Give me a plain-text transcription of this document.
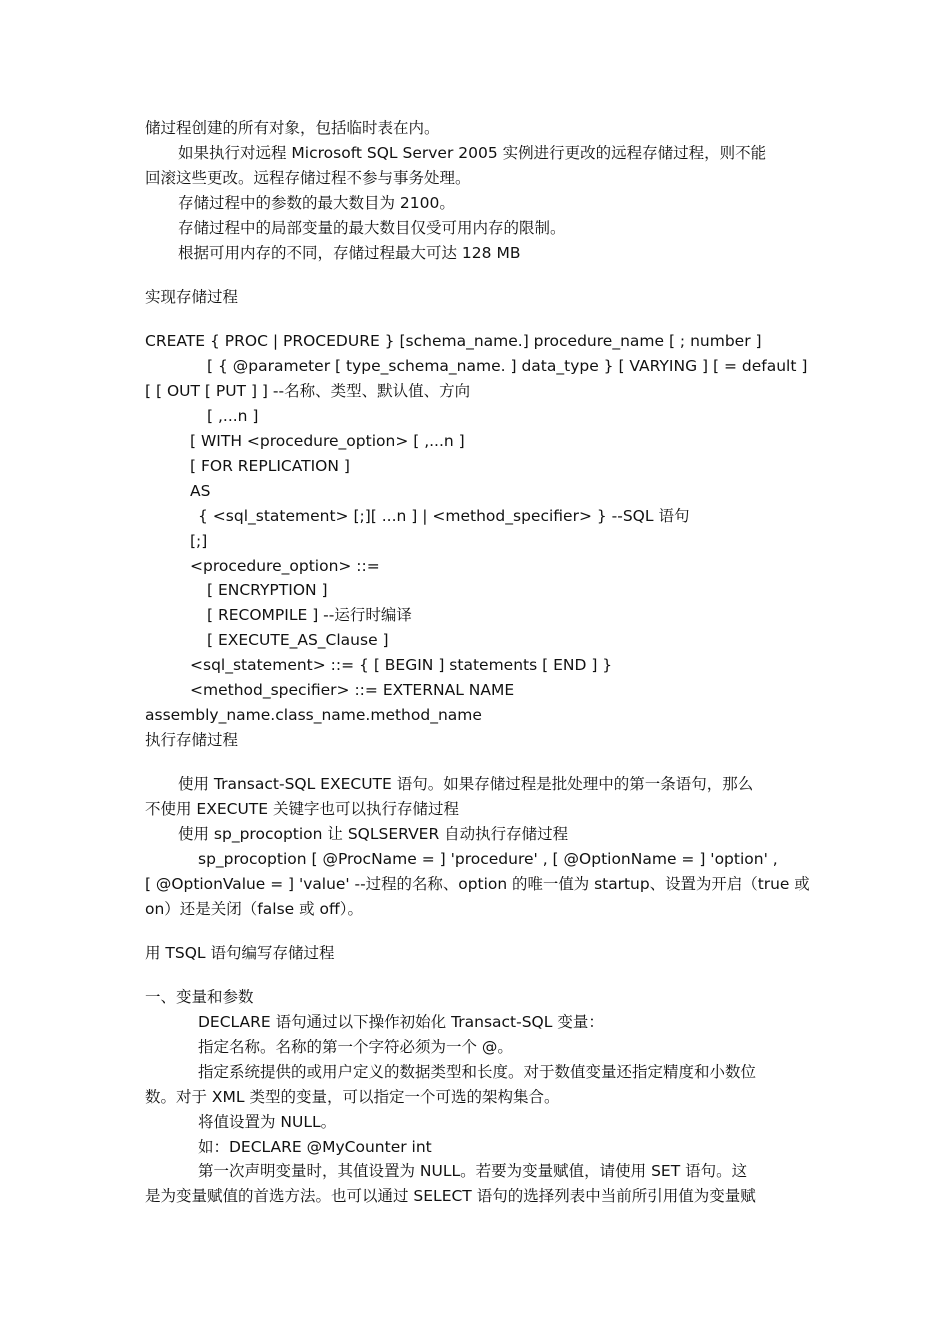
储过程创建的所有对象，包括临时表在内。
如果执行对远程 Microsoft SQL Server 2005 实例进行更改的远程存储过程，则不能
回滚这些更改。远程存储过程不参与事务处理。
存储过程中的参数的最大数目为 2100。
存储过程中的局部变量的最大数目仅受可用内存的限制。
根据可用内存的不同，存储过程最大可达 128 MB
实现存储过程
CREATE { PROC | PROCEDURE } [schema_name.] procedure_name [ ; number ]
[ { @parameter [ type_schema_name. ] data_type } [ VARYING ] [ = default ]
[ [ OUT [ PUT ] ] --名称、类型、默认值、方向
[ ,...n ]
[ WITH <procedure_option> [ ,...n ]
[ FOR REPLICATION ]
AS
{ <sql_statement> [;][ ...n ] | <method_specifier> } --SQL 语句
[;]
<procedure_option> ::=
[ ENCRYPTION ]
[ RECOMPILE ] --运行时编译
[ EXECUTE_AS_Clause ]
<sql_statement> ::= { [ BEGIN ] statements [ END ] }
<method_specifier> ::= EXTERNAL NAME
assembly_name.class_name.method_name
执行存储过程
使用 Transact-SQL EXECUTE 语句。如果存储过程是批处理中的第一条语句，那么
不使用 EXECUTE 关键字也可以执行存储过程
使用 sp_procoption 让 SQLSERVER 自动执行存储过程
sp_procoption [ @ProcName = ] 'procedure' , [ @OptionName = ] 'option' ,
[ @OptionValue = ] 'value' --过程的名称、option 的唯一值为 startup、设置为开启（true 或
on）还是关闭（false 或 off）。
用 TSQL 语句编写存储过程
一、变量和参数
DECLARE 语句通过以下操作初始化 Transact-SQL 变量：
指定名称。名称的第一个字符必须为一个 @。
指定系统提供的或用户定义的数据类型和长度。对于数值变量还指定精度和小数位
数。对于 XML 类型的变量，可以指定一个可选的架构集合。
将值设置为 NULL。
如：DECLARE @MyCounter int
第一次声明变量时，其值设置为 NULL。若要为变量赋值，请使用 SET 语句。这
是为变量赋值的首选方法。也可以通过 SELECT 语句的选择列表中当前所引用值为变量赋
